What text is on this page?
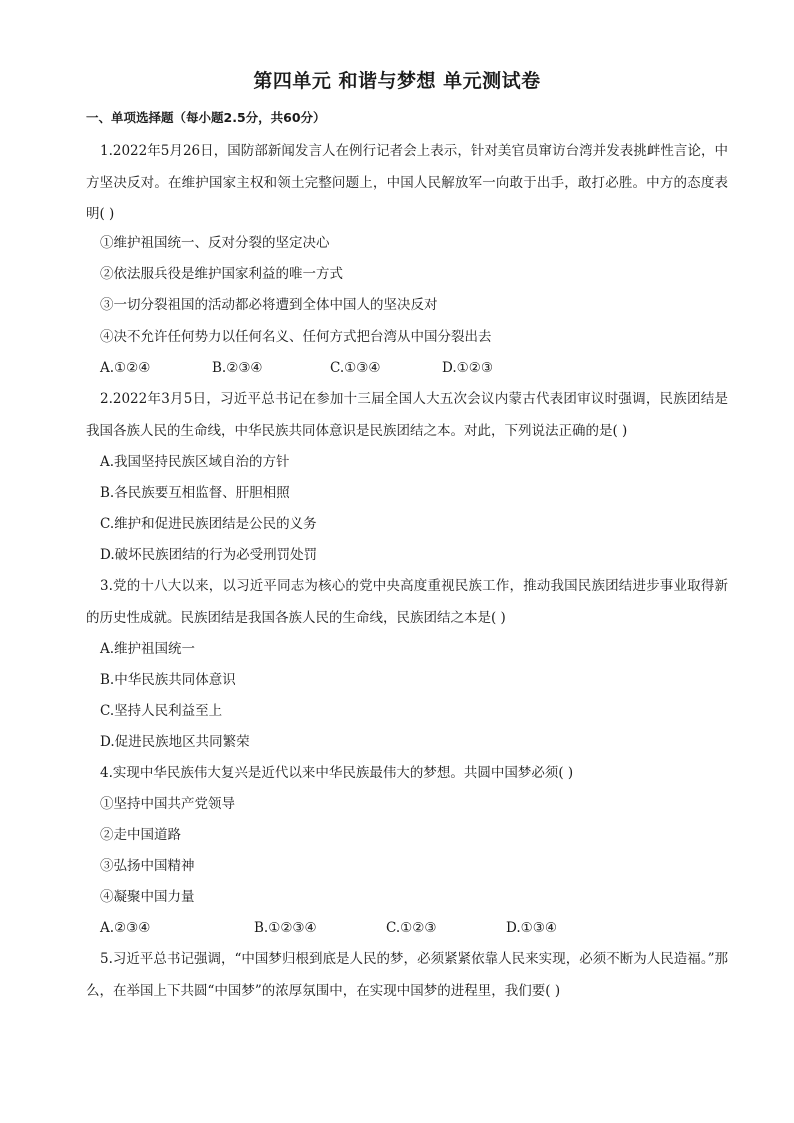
第四单元 和谐与梦想 单元测试卷

一、单项选择题（每小题2.5分，共60分）

1.2022年5月26日，国防部新闻发言人在例行记者会上表示，针对美官员窜访台湾并发表挑衅性言论，中方坚决反对。在维护国家主权和领土完整问题上，中国人民解放军一向敢于出手，敢打必胜。中方的态度表明( )

①维护祖国统一、反对分裂的坚定决心

②依法服兵役是维护国家利益的唯一方式

③一切分裂祖国的活动都必将遭到全体中国人的坚决反对

④决不允许任何势力以任何名义、任何方式把台湾从中国分裂出去

A.①②④	B.②③④	C.①③④	D.①②③

2.2022年3月5日，习近平总书记在参加十三届全国人大五次会议内蒙古代表团审议时强调，民族团结是我国各族人民的生命线，中华民族共同体意识是民族团结之本。对此，下列说法正确的是( )

A.我国坚持民族区域自治的方针

B.各民族要互相监督、肝胆相照

C.维护和促进民族团结是公民的义务

D.破坏民族团结的行为必受刑罚处罚

3.党的十八大以来，以习近平同志为核心的党中央高度重视民族工作，推动我国民族团结进步事业取得新的历史性成就。民族团结是我国各族人民的生命线，民族团结之本是( )

A.维护祖国统一

B.中华民族共同体意识

C.坚持人民利益至上

D.促进民族地区共同繁荣

4.实现中华民族伟大复兴是近代以来中华民族最伟大的梦想。共圆中国梦必须( )

①坚持中国共产党领导

②走中国道路

③弘扬中国精神

④凝聚中国力量

A.②③④	B.①②③④	C.①②③	D.①③④

5.习近平总书记强调，“中国梦归根到底是人民的梦，必须紧紧依靠人民来实现，必须不断为人民造福。”那么，在举国上下共圆“中国梦”的浓厚氛围中，在实现中国梦的进程里，我们要( )
